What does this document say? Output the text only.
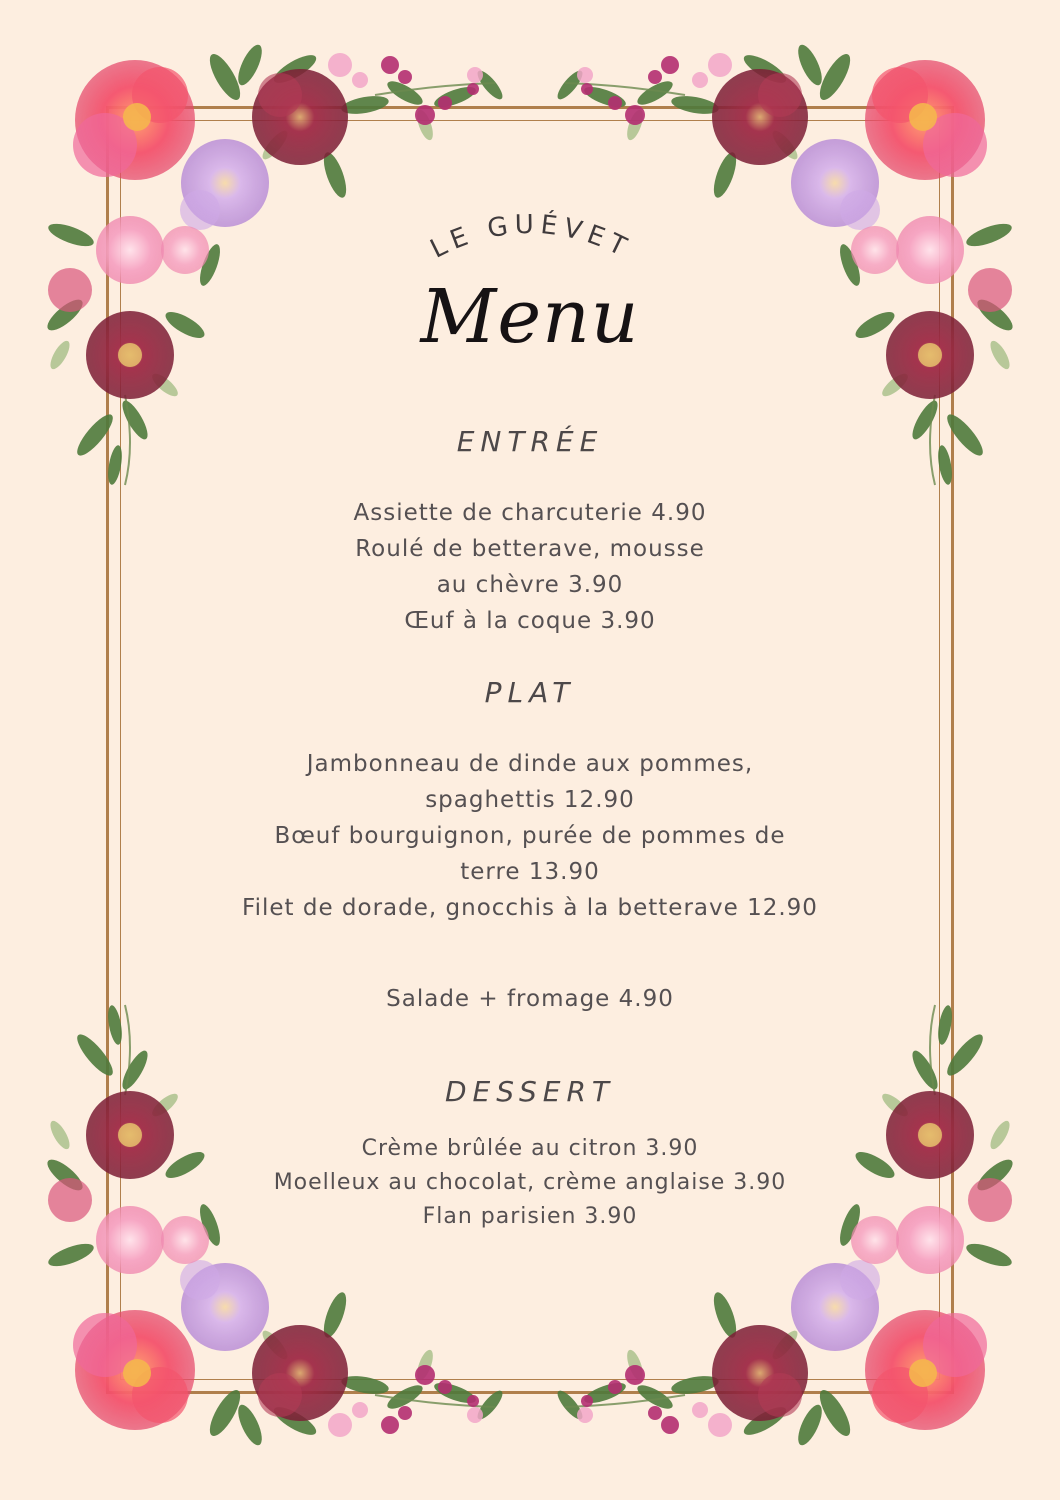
LE GUÉVET
Menu
ENTRÉE
Assiette de charcuterie 4.90
Roulé de betterave, mousse
au chèvre 3.90
Œuf à la coque 3.90
PLAT
Jambonneau de dinde aux pommes,
spaghettis 12.90
Bœuf bourguignon, purée de pommes de
terre 13.90
Filet de dorade, gnocchis à la betterave 12.90
Salade + fromage 4.90
DESSERT
Crème brûlée au citron 3.90
Moelleux au chocolat, crème anglaise 3.90
Flan parisien 3.90
